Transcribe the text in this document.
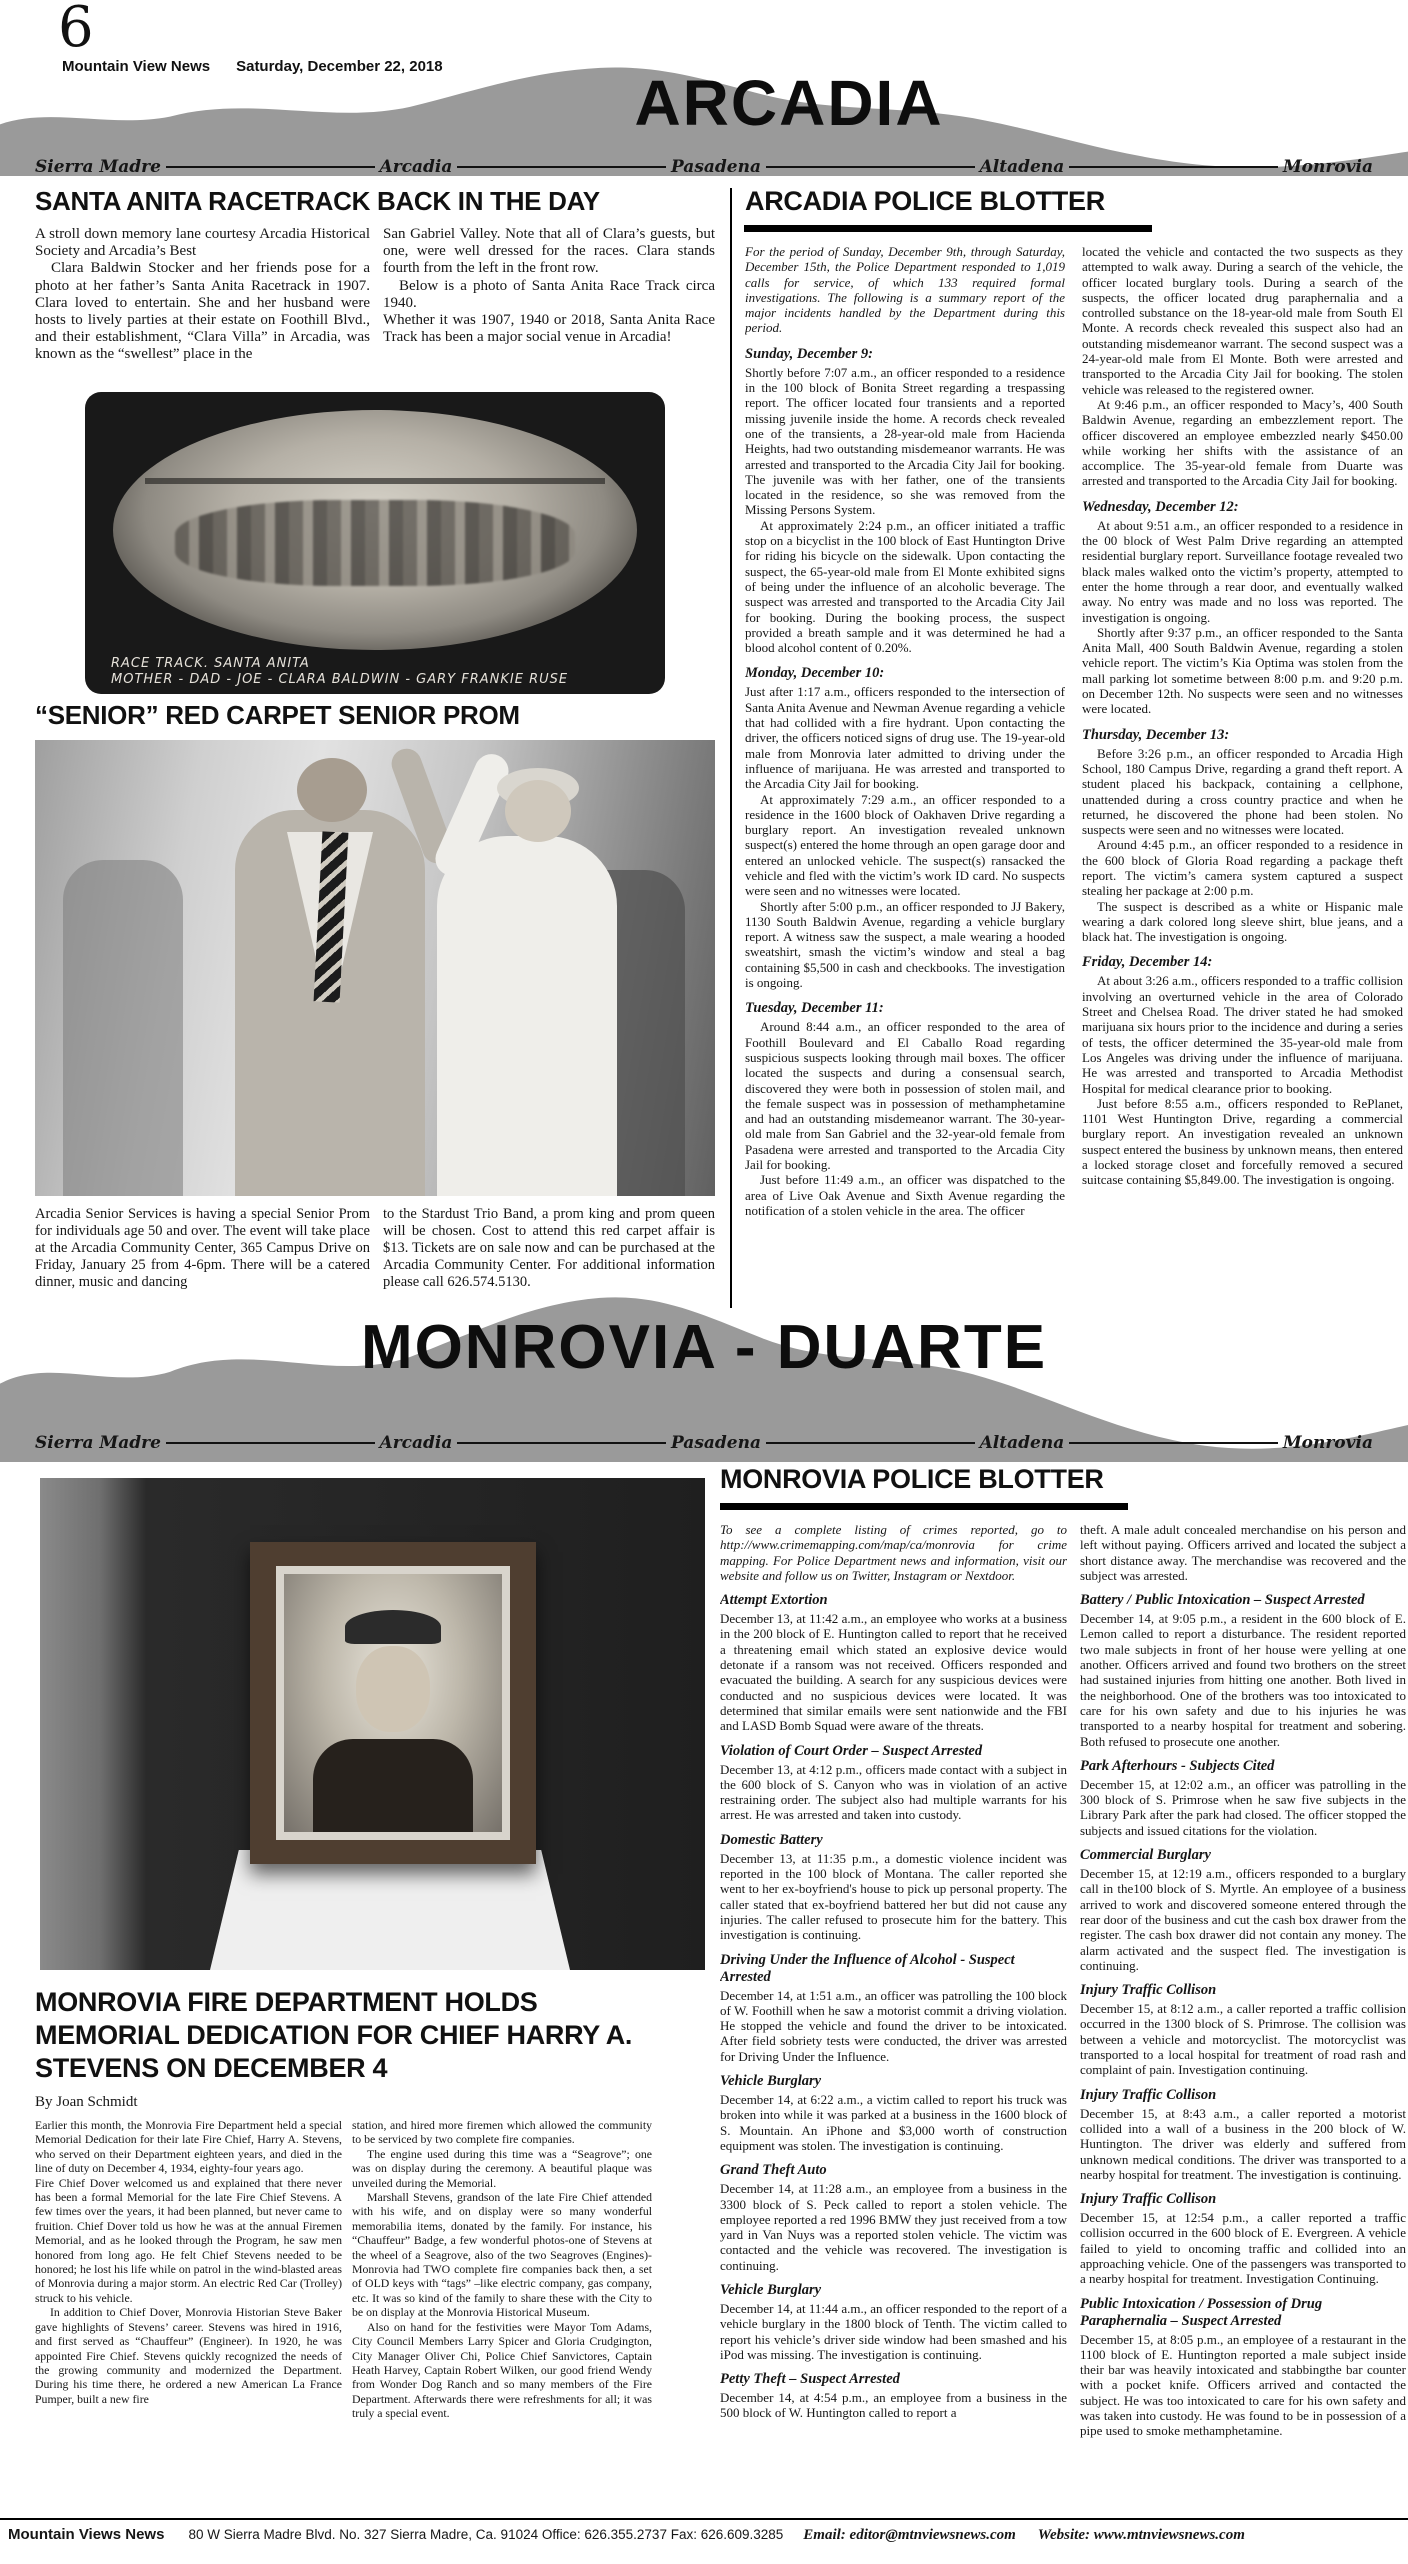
6
Mountain View News Saturday, December 22, 2018
ARCADIA
Sierra Madre	Arcadia	Pasadena	Altadena	Monrovia
SANTA ANITA RACETRACK BACK IN THE DAY

A stroll down memory lane courtesy Arcadia Historical Society and Arcadia’s Best

Clara Baldwin Stocker and her friends pose for a photo at her father’s Santa Anita Racetrack in 1907. Clara loved to entertain. She and her husband were hosts to lively parties at their estate on Foothill Blvd., and their establishment, “Clara Villa” in Arcadia, was known as the “swellest” place in the

San Gabriel Valley. Note that all of Clara’s guests, but one, were well dressed for the races. Clara stands fourth from the left in the front row.

Below is a photo of Santa Anita Race Track circa 1940.

Whether it was 1907, 1940 or 2018, Santa Anita Race Track has been a major social venue in Arcadia!

RACE TRACK. SANTA ANITA
MOTHER - DAD - JOE - CLARA BALDWIN - GARY FRANKIE RUSE
“SENIOR” RED CARPET SENIOR PROM

Arcadia Senior Services is having a special Senior Prom for individuals age 50 and over. The event will take place at the Arcadia Community Center, 365 Campus Drive on Friday, January 25 from 4-6pm. There will be a catered dinner, music and dancing

to the Stardust Trio Band, a prom king and prom queen will be chosen. Cost to attend this red carpet affair is $13. Tickets are on sale now and can be purchased at the Arcadia Community Center. For additional information please call 626.574.5130.

ARCADIA POLICE BLOTTER

For the period of Sunday, December 9th, through Saturday, December 15th, the Police Department responded to 1,019 calls for service, of which 133 required formal investigations. The following is a summary report of the major incidents handled by the Department during this period.

Sunday, December 9:

Shortly before 7:07 a.m., an officer responded to a residence in the 100 block of Bonita Street regarding a trespassing report. The officer located four transients and a reported missing juvenile inside the home. A records check revealed one of the transients, a 28-year-old male from Hacienda Heights, had two outstanding misdemeanor warrants. He was arrested and transported to the Arcadia City Jail for booking. The juvenile was with her father, one of the transients located in the residence, so she was removed from the Missing Persons System.

At approximately 2:24 p.m., an officer initiated a traffic stop on a bicyclist in the 100 block of East Huntington Drive for riding his bicycle on the sidewalk. Upon contacting the suspect, the 65-year-old male from El Monte exhibited signs of being under the influence of an alcoholic beverage. The suspect was arrested and transported to the Arcadia City Jail for booking. During the booking process, the suspect provided a breath sample and it was determined he had a blood alcohol content of 0.20%.

Monday, December 10:

Just after 1:17 a.m., officers responded to the intersection of Santa Anita Avenue and Newman Avenue regarding a vehicle that had collided with a fire hydrant. Upon contacting the driver, the officers noticed signs of drug use. The 19-year-old male from Monrovia later admitted to driving under the influence of marijuana. He was arrested and transported to the Arcadia City Jail for booking.

At approximately 7:29 a.m., an officer responded to a residence in the 1600 block of Oakhaven Drive regarding a burglary report. An investigation revealed unknown suspect(s) entered the home through an open garage door and entered an unlocked vehicle. The suspect(s) ransacked the vehicle and fled with the victim’s work ID card. No suspects were seen and no witnesses were located.

Shortly after 5:00 p.m., an officer responded to JJ Bakery, 1130 South Baldwin Avenue, regarding a vehicle burglary report. A witness saw the suspect, a male wearing a hooded sweatshirt, smash the victim’s window and steal a bag containing $5,500 in cash and checkbooks. The investigation is ongoing.

Tuesday, December 11:

Around 8:44 a.m., an officer responded to the area of Foothill Boulevard and El Caballo Road regarding suspicious suspects looking through mail boxes. The officer located the suspects and during a consensual search, discovered they were both in possession of stolen mail, and the female suspect was in possession of methamphetamine and had an outstanding misdemeanor warrant. The 30-year-old male from San Gabriel and the 32-year-old female from Pasadena were arrested and transported to the Arcadia City Jail for booking.

Just before 11:49 a.m., an officer was dispatched to the area of Live Oak Avenue and Sixth Avenue regarding the notification of a stolen vehicle in the area. The officer

located the vehicle and contacted the two suspects as they attempted to walk away. During a search of the vehicle, the officer located burglary tools. During a search of the suspects, the officer located drug paraphernalia and a controlled substance on the 18-year-old male from South El Monte. A records check revealed this suspect also had an outstanding misdemeanor warrant. The second suspect was a 24-year-old male from El Monte. Both were arrested and transported to the Arcadia City Jail for booking. The stolen vehicle was released to the registered owner.

At 9:46 p.m., an officer responded to Macy’s, 400 South Baldwin Avenue, regarding an embezzlement report. The officer discovered an employee embezzled nearly $450.00 while working her shifts with the assistance of an accomplice. The 35-year-old female from Duarte was arrested and transported to the Arcadia City Jail for booking.

Wednesday, December 12:

At about 9:51 a.m., an officer responded to a residence in the 00 block of West Palm Drive regarding an attempted residential burglary report. Surveillance footage revealed two black males walked onto the victim’s property, attempted to enter the home through a rear door, and eventually walked away. No entry was made and no loss was reported. The investigation is ongoing.

Shortly after 9:37 p.m., an officer responded to the Santa Anita Mall, 400 South Baldwin Avenue, regarding a stolen vehicle report. The victim’s Kia Optima was stolen from the mall parking lot sometime between 8:00 p.m. and 9:20 p.m. on December 12th. No suspects were seen and no witnesses were located.

Thursday, December 13:

Before 3:26 p.m., an officer responded to Arcadia High School, 180 Campus Drive, regarding a grand theft report. A student placed his backpack, containing a cellphone, unattended during a cross country practice and when he returned, he discovered the phone had been stolen. No suspects were seen and no witnesses were located.

Around 4:45 p.m., an officer responded to a residence in the 600 block of Gloria Road regarding a package theft report. The victim’s camera system captured a suspect stealing her package at 2:00 p.m.

The suspect is described as a white or Hispanic male wearing a dark colored long sleeve shirt, blue jeans, and a black hat. The investigation is ongoing.

Friday, December 14:

At about 3:26 a.m., officers responded to a traffic collision involving an overturned vehicle in the area of Colorado Street and Chelsea Road. The driver stated he had smoked marijuana six hours prior to the incidence and during a series of tests, the officer determined the 35-year-old male from Los Angeles was driving under the influence of marijuana. He was arrested and transported to Arcadia Methodist Hospital for medical clearance prior to booking.

Just before 8:55 a.m., officers responded to RePlanet, 1101 West Huntington Drive, regarding a commercial burglary report. An investigation revealed an unknown suspect entered the business by unknown means, then entered a locked storage closet and forcefully removed a secured suitcase containing $5,849.00. The investigation is ongoing.

MONROVIA - DUARTE
Sierra Madre	Arcadia	Pasadena	Altadena	Monrovia
MONROVIA FIRE DEPARTMENT HOLDS MEMORIAL DEDICATION FOR CHIEF HARRY A. STEVENS ON DECEMBER 4
By Joan Schmidt

Earlier this month, the Monrovia Fire Department held a special Memorial Dedication for their late Fire Chief, Harry A. Stevens, who served on their Department eighteen years, and died in the line of duty on December 4, 1934, eighty-four years ago.

Fire Chief Dover welcomed us and explained that there never has been a formal Memorial for the late Fire Chief Stevens. A few times over the years, it had been planned, but never came to fruition. Chief Dover told us how he was at the annual Firemen Memorial, and as he looked through the Program, he saw men honored from long ago. He felt Chief Stevens needed to be honored; he lost his life while on patrol in the wind-blasted areas of Monrovia during a major storm. An electric Red Car (Trolley) struck to his vehicle.

In addition to Chief Dover, Monrovia Historian Steve Baker gave highlights of Stevens’ career. Stevens was hired in 1916, and first served as “Chauffeur” (Engineer). In 1920, he was appointed Fire Chief. Stevens quickly recognized the needs of the growing community and modernized the Department. During his time there, he ordered a new American La France Pumper, built a new fire

station, and hired more firemen which allowed the community to be serviced by two complete fire companies.

The engine used during this time was a “Seagrove”; one was on display during the ceremony. A beautiful plaque was unveiled during the Memorial.

Marshall Stevens, grandson of the late Fire Chief attended with his wife, and on display were so many wonderful memorabilia items, donated by the family. For instance, his “Chauffeur” Badge, a few wonderful photos-one of Stevens at the wheel of a Seagrove, also of the two Seagroves (Engines)- Monrovia had TWO complete fire companies back then, a set of OLD keys with “tags” –like electric company, gas company, etc. It was so kind of the family to share these with the City to be on display at the Monrovia Historical Museum.

Also on hand for the festivities were Mayor Tom Adams, City Council Members Larry Spicer and Gloria Crudgington, City Manager Oliver Chi, Police Chief Sanvictores, Captain Heath Harvey, Captain Robert Wilken, our good friend Wendy from Wonder Dog Ranch and so many members of the Fire Department. Afterwards there were refreshments for all; it was truly a special event.

MONROVIA POLICE BLOTTER

To see a complete listing of crimes reported, go to http://www.crimemapping.com/map/ca/monrovia for crime mapping. For Police Department news and information, visit our website and follow us on Twitter, Instagram or Nextdoor.

Attempt Extortion

December 13, at 11:42 a.m., an employee who works at a business in the 200 block of E. Huntington called to report that he received a threatening email which stated an explosive device would detonate if a ransom was not received. Officers responded and evacuated the building. A search for any suspicious devices were conducted and no suspicious devices were located. It was determined that similar emails were sent nationwide and the FBI and LASD Bomb Squad were aware of the threats.

Violation of Court Order – Suspect Arrested

December 13, at 4:12 p.m., officers made contact with a subject in the 600 block of S. Canyon who was in violation of an active restraining order. The subject also had multiple warrants for his arrest. He was arrested and taken into custody.

Domestic Battery

December 13, at 11:35 p.m., a domestic violence incident was reported in the 100 block of Montana. The caller reported she went to her ex-boyfriend's house to pick up personal property. The caller stated that ex-boyfriend battered her but did not cause any injuries. The caller refused to prosecute him for the battery. This investigation is continuing.

Driving Under the Influence of Alcohol - Suspect Arrested

December 14, at 1:51 a.m., an officer was patrolling the 100 block of W. Foothill when he saw a motorist commit a driving violation. He stopped the vehicle and found the driver to be intoxicated. After field sobriety tests were conducted, the driver was arrested for Driving Under the Influence.

Vehicle Burglary

December 14, at 6:22 a.m., a victim called to report his truck was broken into while it was parked at a business in the 1600 block of S. Mountain. An iPhone and $3,000 worth of construction equipment was stolen. The investigation is continuing.

Grand Theft Auto

December 14, at 11:28 a.m., an employee from a business in the 3300 block of S. Peck called to report a stolen vehicle. The employee reported a red 1996 BMW they just received from a tow yard in Van Nuys was a reported stolen vehicle. The victim was contacted and the vehicle was recovered. The investigation is continuing.

Vehicle Burglary

December 14, at 11:44 a.m., an officer responded to the report of a vehicle burglary in the 1800 block of Tenth. The victim called to report his vehicle’s driver side window had been smashed and his iPod was missing. The investigation is continuing.

Petty Theft – Suspect Arrested

December 14, at 4:54 p.m., an employee from a business in the 500 block of W. Huntington called to report a

theft. A male adult concealed merchandise on his person and left without paying. Officers arrived and located the subject a short distance away. The merchandise was recovered and the subject was arrested.

Battery / Public Intoxication – Suspect Arrested

December 14, at 9:05 p.m., a resident in the 600 block of E. Lemon called to report a disturbance. The resident reported two male subjects in front of her house were yelling at one another. Officers arrived and found two brothers on the street had sustained injuries from hitting one another. Both lived in the neighborhood. One of the brothers was too intoxicated to care for his own safety and due to his injuries he was transported to a nearby hospital for treatment and sobering. Both refused to prosecute one another.

Park Afterhours - Subjects Cited

December 15, at 12:02 a.m., an officer was patrolling in the 300 block of S. Primrose when he saw five subjects in the Library Park after the park had closed. The officer stopped the subjects and issued citations for the violation.

Commercial Burglary

December 15, at 12:19 a.m., officers responded to a burglary call in the100 block of S. Myrtle. An employee of a business arrived to work and discovered someone entered through the rear door of the business and cut the cash box drawer from the register. The cash box drawer did not contain any money. The alarm activated and the suspect fled. The investigation is continuing.

Injury Traffic Collison

December 15, at 8:12 a.m., a caller reported a traffic collision occurred in the 1300 block of S. Primrose. The collision was between a vehicle and motorcyclist. The motorcyclist was transported to a local hospital for treatment of road rash and complaint of pain. Investigation continuing.

Injury Traffic Collison

December 15, at 8:43 a.m., a caller reported a motorist collided into a wall of a business in the 200 block of W. Huntington. The driver was elderly and suffered from unknown medical conditions. The driver was transported to a nearby hospital for treatment. The investigation is continuing.

Injury Traffic Collison

December 15, at 12:54 p.m., a caller reported a traffic collision occurred in the 600 block of E. Evergreen. A vehicle failed to yield to oncoming traffic and collided into an approaching vehicle. One of the passengers was transported to a nearby hospital for treatment. Investigation Continuing.

Public Intoxication / Possession of Drug Paraphernalia – Suspect Arrested

December 15, at 8:05 p.m., an employee of a restaurant in the 1100 block of E. Huntington reported a male subject inside their bar was heavily intoxicated and stabbingthe bar counter with a pocket knife. Officers arrived and contacted the subject. He was too intoxicated to care for his own safety and was taken into custody. He was found to be in possession of a pipe used to smoke methamphetamine.

Mountain Views News 80 W Sierra Madre Blvd. No. 327 Sierra Madre, Ca. 91024 Office: 626.355.2737 Fax: 626.609.3285 Email: editor@mtnviewsnews.com Website: www.mtnviewsnews.com
